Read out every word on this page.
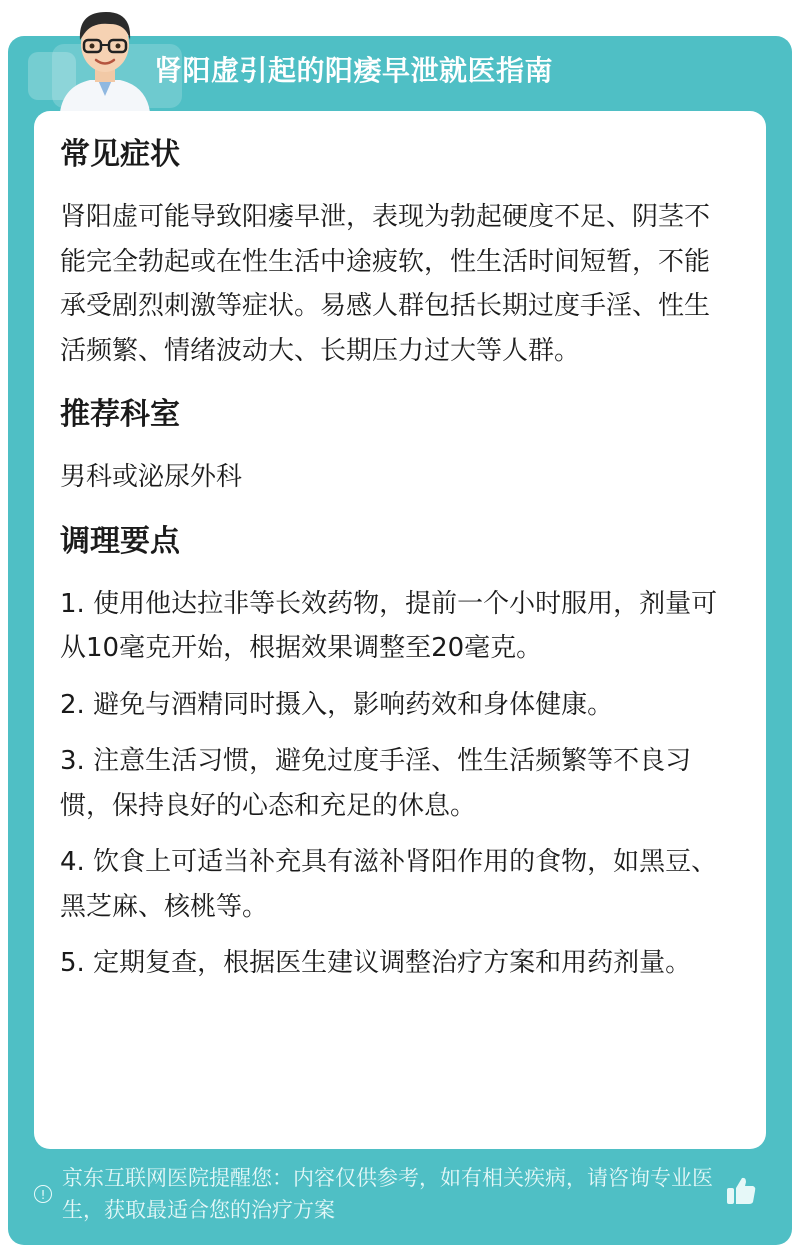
肾阳虚引起的阳痿早泄就医指南
常见症状

肾阳虚可能导致阳痿早泄，表现为勃起硬度不足、阴茎不能完全勃起或在性生活中途疲软，性生活时间短暂，不能承受剧烈刺激等症状。易感人群包括长期过度手淫、性生活频繁、情绪波动大、长期压力过大等人群。

推荐科室

男科或泌尿外科

调理要点

1. 使用他达拉非等长效药物，提前一个小时服用，剂量可从10毫克开始，根据效果调整至20毫克。

2. 避免与酒精同时摄入，影响药效和身体健康。

3. 注意生活习惯，避免过度手淫、性生活频繁等不良习惯，保持良好的心态和充足的休息。

4. 饮食上可适当补充具有滋补肾阳作用的食物，如黑豆、黑芝麻、核桃等。

5. 定期复查，根据医生建议调整治疗方案和用药剂量。

!
京东互联网医院提醒您：内容仅供参考，如有相关疾病，请咨询专业医生，获取最适合您的治疗方案
